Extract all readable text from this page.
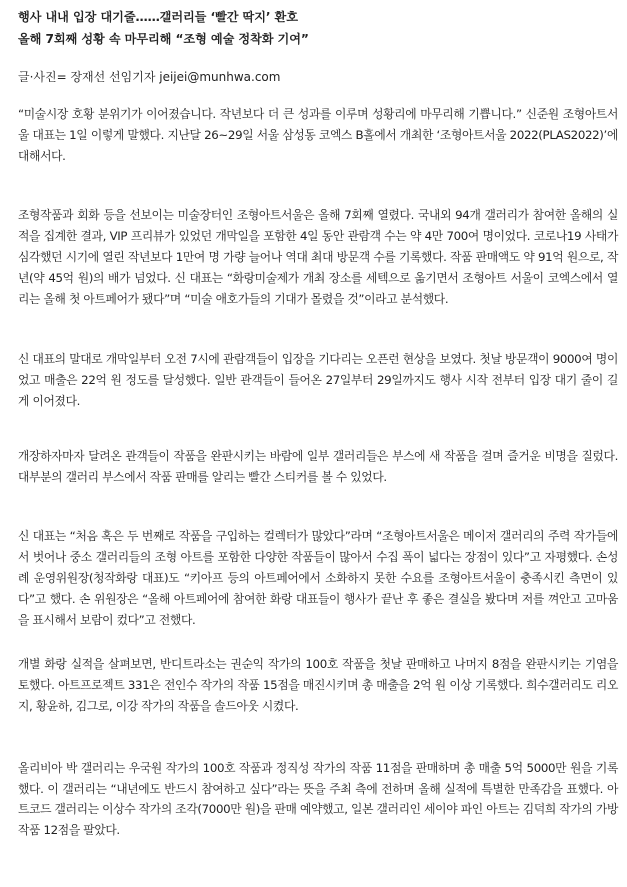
행사 내내 입장 대기줄……갤러리들 ‘빨간 딱지’ 환호
올해 7회째 성황 속 마무리해 “조형 예술 정착화 기여”
글·사진= 장재선 선임기자 jeijei@munhwa.com

“미술시장 호황 분위기가 이어졌습니다. 작년보다 더 큰 성과를 이루며 성황리에 마무리해 기쁩니다.” 신준원 조형아트서울 대표는 1일 이렇게 말했다. 지난달 26~29일 서울 삼성동 코엑스 B홀에서 개최한 ‘조형아트서울 2022(PLAS2022)’에 대해서다.

조형작품과 회화 등을 선보이는 미술장터인 조형아트서울은 올해 7회째 열렸다. 국내외 94개 갤러리가 참여한 올해의 실적을 집계한 결과, VIP 프리뷰가 있었던 개막일을 포함한 4일 동안 관람객 수는 약 4만 700여 명이었다. 코로나19 사태가 심각했던 시기에 열린 작년보다 1만여 명 가량 늘어나 역대 최대 방문객 수를 기록했다. 작품 판매액도 약 91억 원으로, 작년(약 45억 원)의 배가 넘었다. 신 대표는 “화랑미술제가 개최 장소를 세텍으로 옮기면서 조형아트 서울이 코엑스에서 열리는 올해 첫 아트페어가 됐다”며 “미술 애호가들의 기대가 몰렸을 것”이라고 분석했다.

신 대표의 말대로 개막일부터 오전 7시에 관람객들이 입장을 기다리는 오픈런 현상을 보였다. 첫날 방문객이 9000여 명이었고 매출은 22억 원 정도를 달성했다. 일반 관객들이 들어온 27일부터 29일까지도 행사 시작 전부터 입장 대기 줄이 길게 이어졌다.

개장하자마자 달려온 관객들이 작품을 완판시키는 바람에 일부 갤러리들은 부스에 새 작품을 걸며 즐거운 비명을 질렀다. 대부분의 갤러리 부스에서 작품 판매를 알리는 빨간 스티커를 볼 수 있었다.

신 대표는 “처음 혹은 두 번째로 작품을 구입하는 컬렉터가 많았다”라며 “조형아트서울은 메이저 갤러리의 주력 작가들에서 벗어나 중소 갤러리들의 조형 아트를 포함한 다양한 작품들이 많아서 수집 폭이 넓다는 장점이 있다”고 자평했다. 손성례 운영위원장(청작화랑 대표)도 “키아프 등의 아트페어에서 소화하지 못한 수요를 조형아트서울이 충족시킨 측면이 있다”고 했다. 손 위원장은 “올해 아트페어에 참여한 화랑 대표들이 행사가 끝난 후 좋은 결실을 봤다며 저를 껴안고 고마움을 표시해서 보람이 컸다”고 전했다.

개별 화랑 실적을 살펴보면, 반디트라소는 권순익 작가의 100호 작품을 첫날 판매하고 나머지 8점을 완판시키는 기염을 토했다. 아트프로젝트 331은 전인수 작가의 작품 15점을 매진시키며 총 매출을 2억 원 이상 기록했다. 희수갤러리도 리오지, 황윤하, 김그로, 이강 작가의 작품을 솔드아웃 시켰다.

올리비아 박 갤러리는 우국원 작가의 100호 작품과 정직성 작가의 작품 11점을 판매하며 총 매출 5억 5000만 원을 기록했다. 이 갤러리는 “내년에도 반드시 참여하고 싶다”라는 뜻을 주최 측에 전하며 올해 실적에 특별한 만족감을 표했다. 아트코드 갤러리는 이상수 작가의 조각(7000만 원)을 판매 예약했고, 일본 갤러리인 세이야 파인 아트는 김덕희 작가의 가방 작품 12점을 팔았다.
